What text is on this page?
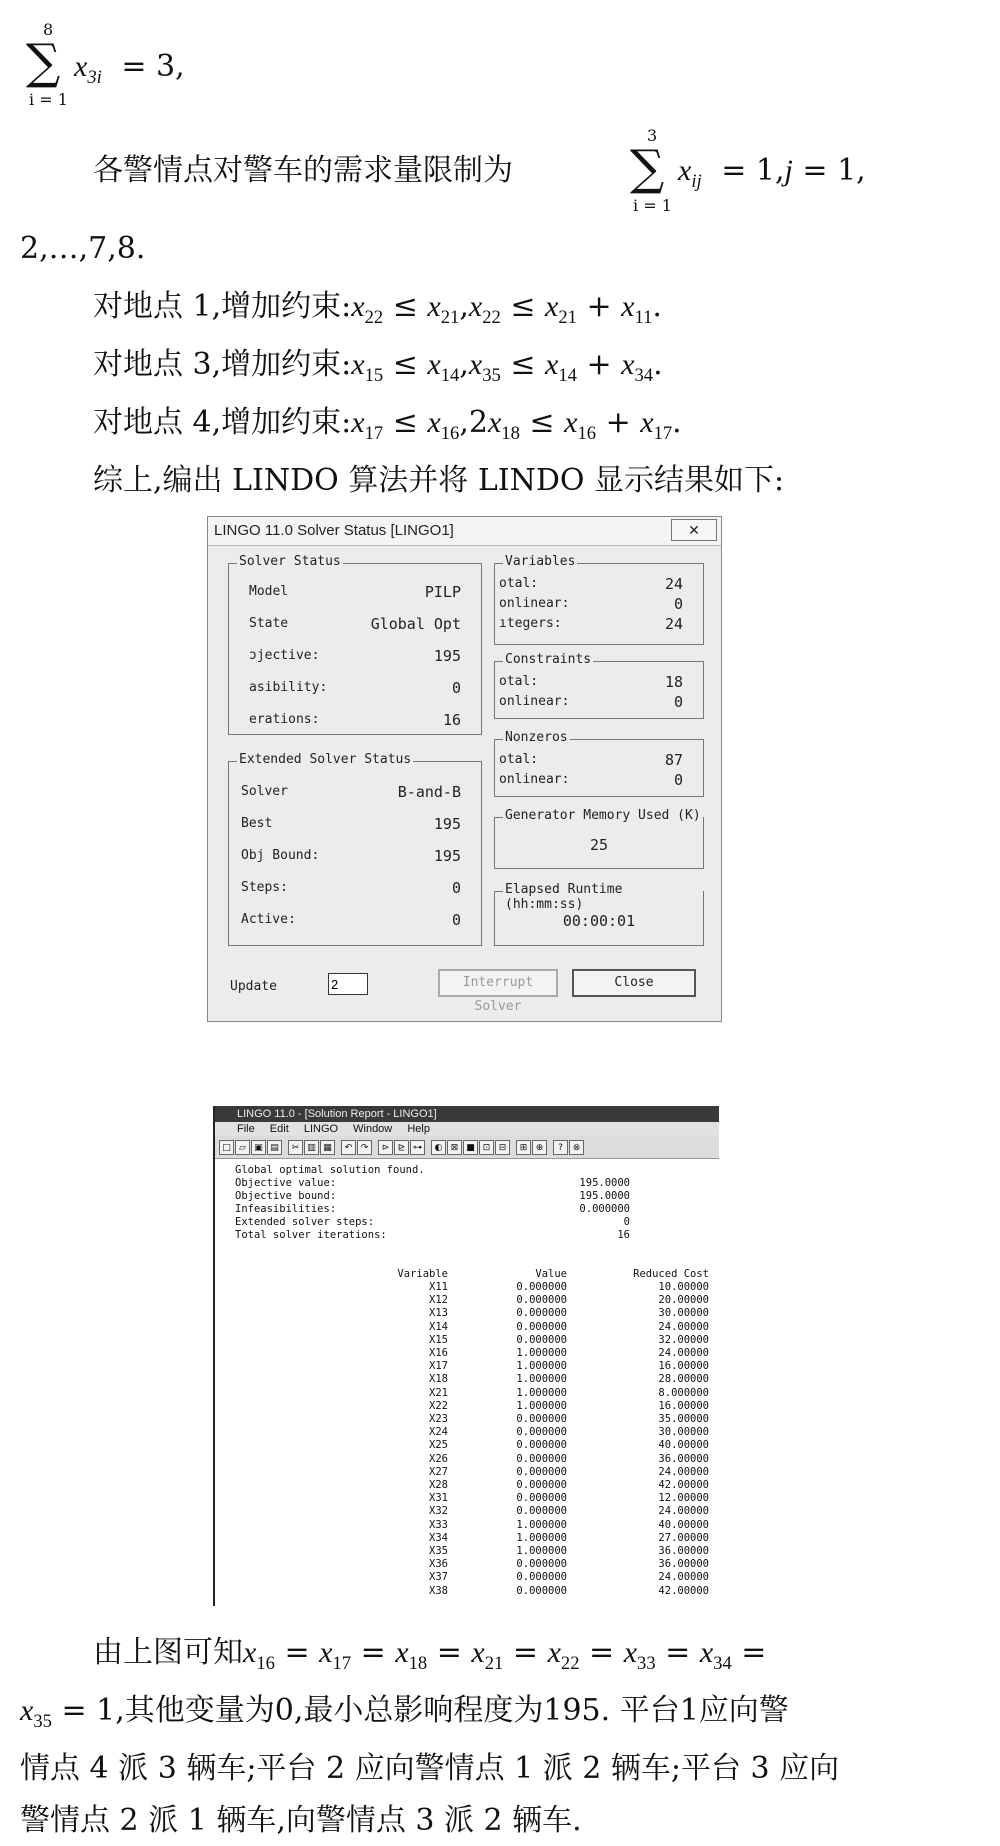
8
∑
i = 1
$x_{3i} = 3$,
各警情点对警车的需求量限制为
3
∑
i = 1
$x_{ij} = 1,j = 1$,
2,…,7,8.
对地点 1,增加约束$:x_{22} \le x_{21},x_{22} \le x_{21} + x_{11}$.
对地点 3,增加约束$:x_{15} \le x_{14},x_{35} \le x_{14} + x_{34}$.
对地点 4,增加约束$:x_{17} \le x_{16},2x_{18} \le x_{16} + x_{17}$.
综上,编出 LINDO 算法并将 LINDO 显示结果如下:
LINGO 11.0 Solver Status [LINGO1]	✕
Solver Status
Model	PILP
State	Global Opt
ɔjective:	195
asibility:	0
erations:	16
Extended Solver Status
Solver	B-and-B
Best	195
Obj Bound:	195
Steps:	0
Active:	0
Variables
otal:	24
onlinear:	0
ıtegers:	24
Constraints
otal:	18
onlinear:	0
Nonzeros
otal:	87
onlinear:	0
Generator Memory Used (K)
25
Elapsed Runtime (hh:mm:ss)
00:00:01
Update
2	Interrupt Solver
Close
LINGO 11.0 - [Solution Report - LINGO1]
File Edit LINGO Window Help
□ ▱ ▣ ▤	✂ ▥ ▦	↶ ↷	⊳ ⊵ ⊶	◐ ⊠ ■ ⊡ ⊟	⊞ ⊕	?	⊗
Global optimal solution found.
Objective value:	195.0000
Objective bound:	195.0000
Infeasibilities:	0.000000
Extended solver steps:	0
Total solver iterations:	16
Variable	Value	Reduced Cost
X11	0.000000	10.00000
X12	0.000000	20.00000
X13	0.000000	30.00000
X14	0.000000	24.00000
X15	0.000000	32.00000
X16	1.000000	24.00000
X17	1.000000	16.00000
X18	1.000000	28.00000
X21	1.000000	8.000000
X22	1.000000	16.00000
X23	0.000000	35.00000
X24	0.000000	30.00000
X25	0.000000	40.00000
X26	0.000000	36.00000
X27	0.000000	24.00000
X28	0.000000	42.00000
X31	0.000000	12.00000
X32	0.000000	24.00000
X33	1.000000	40.00000
X34	1.000000	27.00000
X35	1.000000	36.00000
X36	0.000000	36.00000
X37	0.000000	24.00000
X38	0.000000	42.00000
由上图可知$x_{16} = x_{17} = x_{18} = x_{21} = x_{22} = x_{33} = x_{34}$ =
$x_{35} = 1$,其他变量为0,最小总影响程度为195. 平台1应向警
情点 4 派 3 辆车;平台 2 应向警情点 1 派 2 辆车;平台 3 应向
警情点 2 派 1 辆车,向警情点 3 派 2 辆车.
